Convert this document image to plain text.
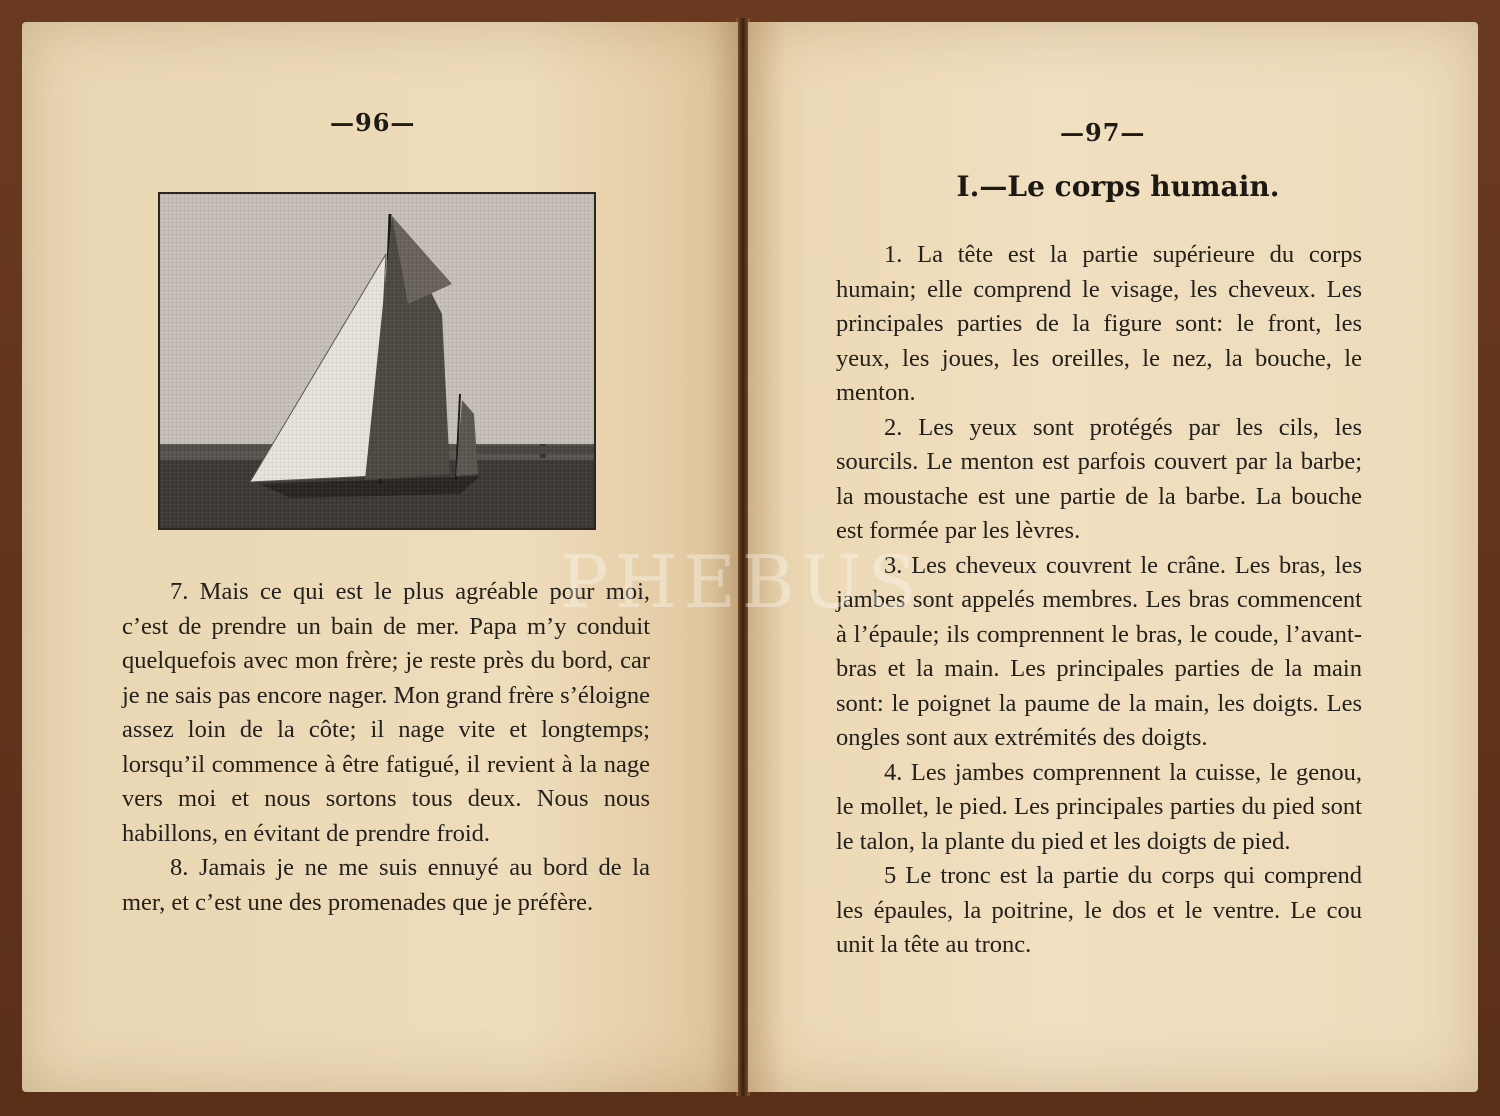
—96—

7. Mais ce qui est le plus agréable pour moi, c’est de prendre un bain de mer. Papa m’y conduit quelquefois avec mon frère; je reste près du bord, car je ne sais pas encore nager. Mon grand frère s’éloigne assez loin de la côte; il nage vite et longtemps; lorsqu’il commence à être fatigué, il revient à la nage vers moi et nous sortons tous deux. Nous nous habillons, en évitant de prendre froid.

8. Jamais je ne me suis ennuyé au bord de la mer, et c’est une des promenades que je préfère.

—97—
I.—Le corps humain.

1. La tête est la partie supérieure du corps humain; elle comprend le visage, les cheveux. Les principales parties de la figure sont: le front, les yeux, les joues, les oreilles, le nez, la bouche, le menton.

2. Les yeux sont protégés par les cils, les sourcils. Le menton est parfois couvert par la barbe; la moustache est une partie de la barbe. La bouche est formée par les lèvres.

3. Les cheveux couvrent le crâne. Les bras, les jambes sont appelés membres. Les bras commencent à l’épaule; ils comprennent le bras, le coude, l’avant-bras et la main. Les principales parties de la main sont: le poignet la paume de la main, les doigts. Les ongles sont aux extrémités des doigts.

4. Les jambes comprennent la cuisse, le genou, le mollet, le pied. Les principales parties du pied sont le talon, la plante du pied et les doigts de pied.

5 Le tronc est la partie du corps qui comprend les épaules, la poitrine, le dos et le ventre. Le cou unit la tête au tronc.

PHEBUS
